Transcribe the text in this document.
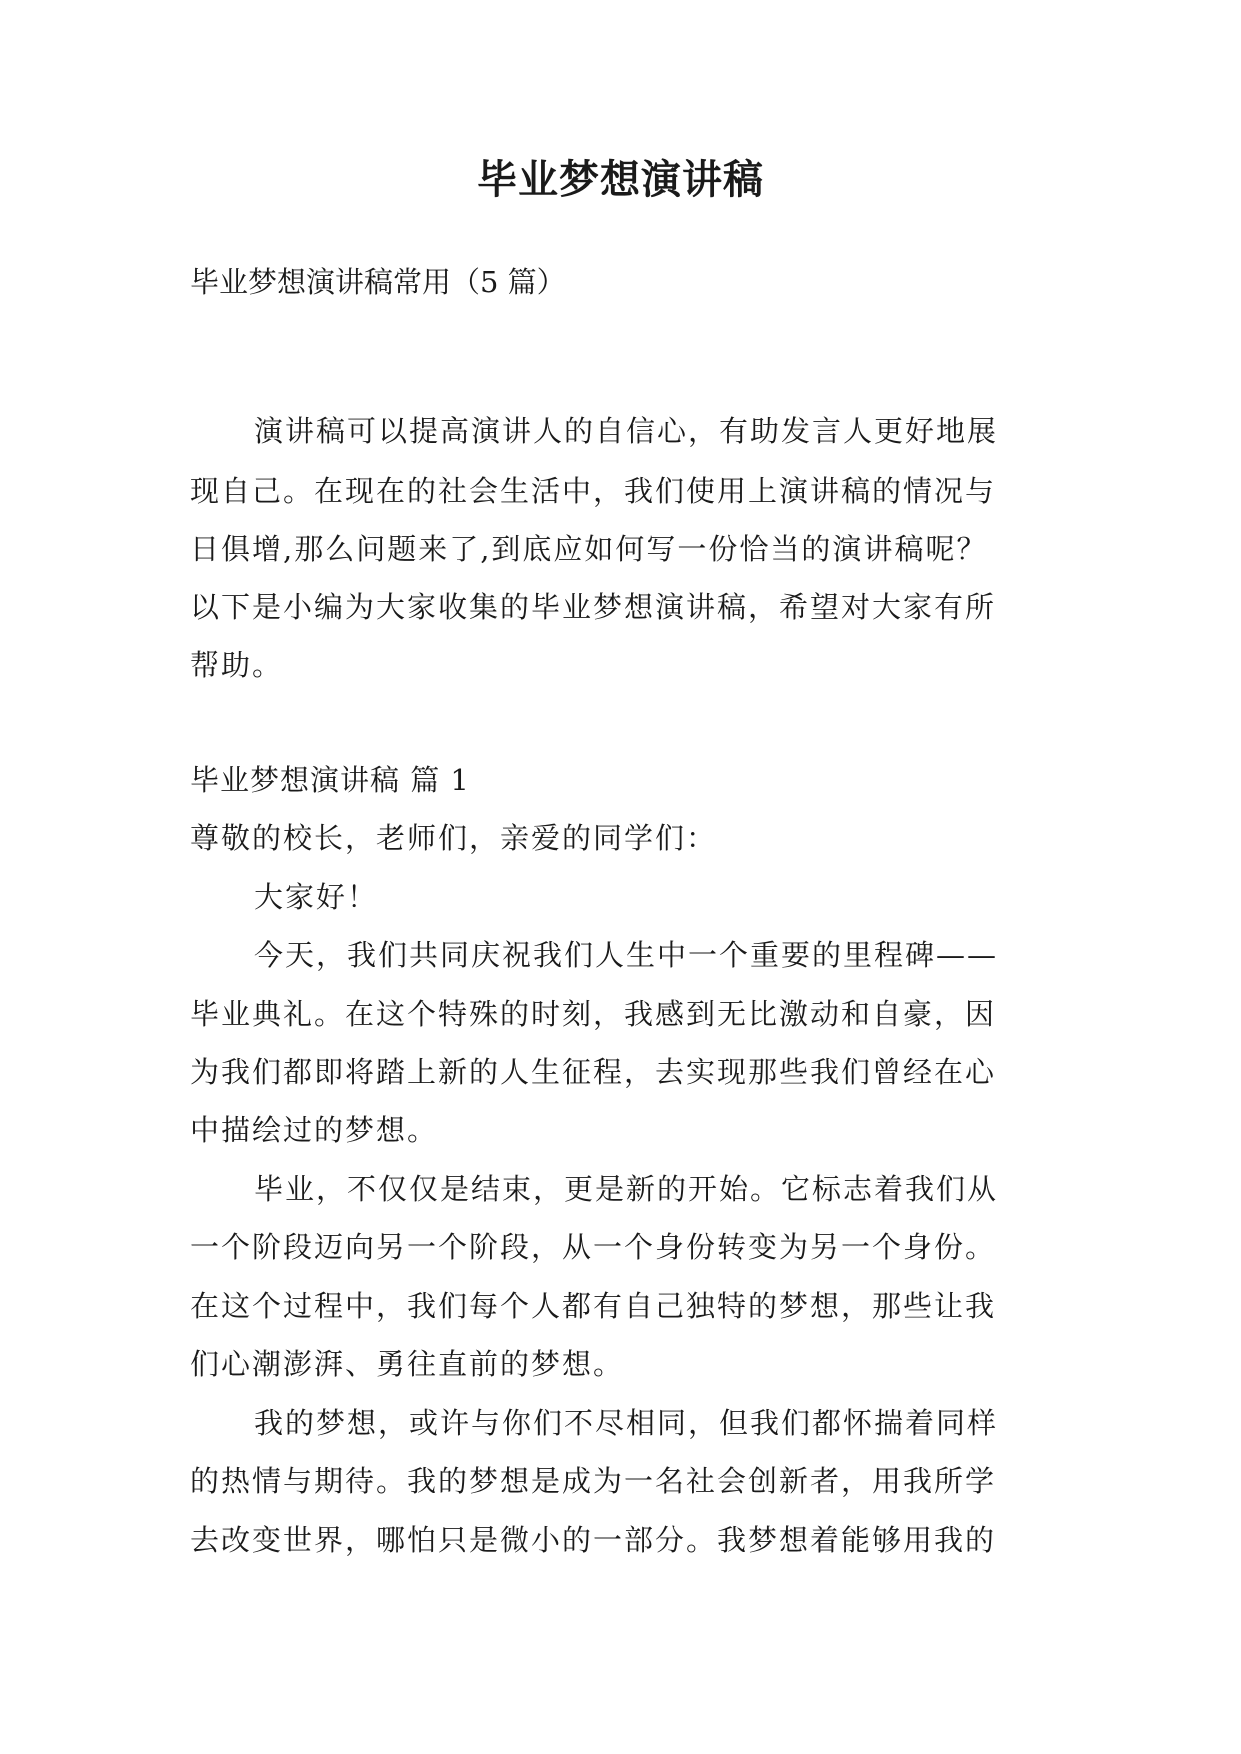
毕业梦想演讲稿
毕业梦想演讲稿常用（5 篇）
演讲稿可以提高演讲人的自信心，有助发言人更好地展
现自己。在现在的社会生活中，我们使用上演讲稿的情况与
日俱增,那么问题来了,到底应如何写一份恰当的演讲稿呢？
以下是小编为大家收集的毕业梦想演讲稿，希望对大家有所
帮助。
毕业梦想演讲稿 篇 1
尊敬的校长，老师们，亲爱的同学们：
大家好！
今天，我们共同庆祝我们人生中一个重要的里程碑——
毕业典礼。在这个特殊的时刻，我感到无比激动和自豪，因
为我们都即将踏上新的人生征程，去实现那些我们曾经在心
中描绘过的梦想。
毕业，不仅仅是结束，更是新的开始。它标志着我们从
一个阶段迈向另一个阶段，从一个身份转变为另一个身份。
在这个过程中，我们每个人都有自己独特的梦想，那些让我
们心潮澎湃、勇往直前的梦想。
我的梦想，或许与你们不尽相同，但我们都怀揣着同样
的热情与期待。我的梦想是成为一名社会创新者，用我所学
去改变世界，哪怕只是微小的一部分。我梦想着能够用我的
